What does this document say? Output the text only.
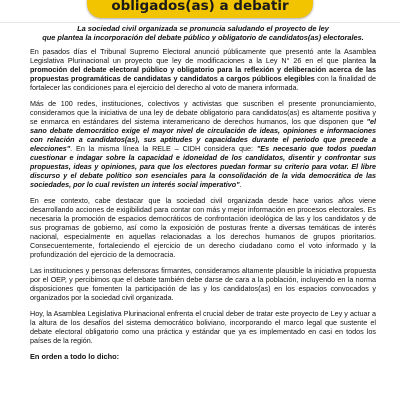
obligados(as) a debatir
La sociedad civil organizada se pronuncia saludando el proyecto de ley
que plantea la incorporación del debate público y obligatorio de candidatos(as) electorales.

En pasados días el Tribunal Supremo Electoral anunció públicamente que presentó ante la Asamblea Legislativa Plurinacional un proyecto que ley de modificaciones a la Ley N° 26 en el que plantea la promoción del debate electoral público y obligatorio para la reflexión y deliberación acerca de las propuestas programáticas de candidatas y candidatos a cargos públicos elegibles con la finalidad de fortalecer las condiciones para el ejercicio del derecho al voto de manera informada.

Más de 100 redes, instituciones, colectivos y activistas que suscriben el presente pronunciamiento, consideramos que la iniciativa de una ley de debate obligatorio para candidatos(as) es altamente positiva y se enmarca en estándares del sistema interamericano de derechos humanos, los que disponen que "el sano debate democrático exige el mayor nivel de circulación de ideas, opiniones e informaciones con relación a candidatos(as), sus aptitudes y capacidades durante el periodo que precede a elecciones". En la misma línea la RELE – CIDH considera que: "Es necesario que todos puedan cuestionar e indagar sobre la capacidad e idoneidad de los candidatos, disentir y confrontar sus propuestas, ideas y opiniones, para que los electores puedan formar su criterio para votar. El libre discurso y el debate político son esenciales para la consolidación de la vida democrática de las sociedades, por lo cual revisten un interés social imperativo".

En ese contexto, cabe destacar que la sociedad civil organizada desde hace varios años viene desarrollando acciones de exigibilidad para contar con más y mejor información en procesos electorales. Es necesaria la promoción de espacios democráticos de confrontación ideológica de las y los candidatos y de sus programas de gobierno, así como la exposición de posturas frente a diversas temáticas de interés nacional, especialmente en aquellas relacionadas a los derechos humanos de grupos prioritarios. Consecuentemente, fortaleciendo el ejercicio de un derecho ciudadano como el voto informado y la profundización del ejercicio de la democracia.

Las instituciones y personas defensoras firmantes, consideramos altamente plausible la iniciativa propuesta por el OEP, y percibimos que el debate también debe darse de cara a la población, incluyendo en la norma disposiciones que fomenten la participación de las y los candidatos(as) en los espacios convocados y organizados por la sociedad civil organizada.

Hoy, la Asamblea Legislativa Plurinacional enfrenta el crucial deber de tratar este proyecto de Ley y actuar a la altura de los desafíos del sistema democrático boliviano, incorporando el marco legal que sustente el debate electoral obligatorio como una práctica y estándar que ya es implementado en casi en todos los países de la región.

En orden a todo lo dicho:
